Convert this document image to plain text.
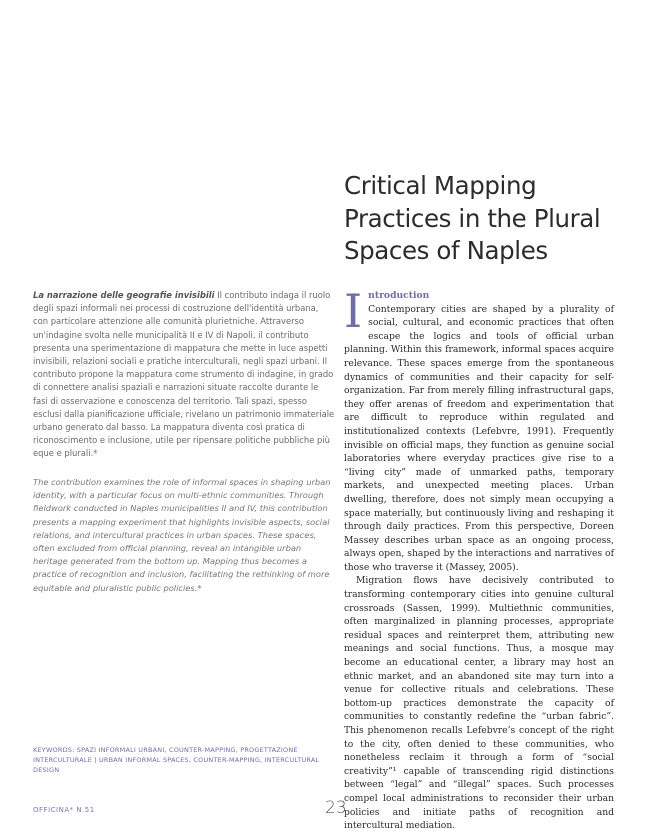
Critical Mapping
Practices in the Plural
Spaces of Naples
La narrazione delle geografie invisibili Il contributo indaga il ruolo degli spazi informali nei processi di costruzione dell'identità urbana, con particolare attenzione alle comunità plurietniche. Attraverso un'indagine svolta nelle municipalità II e IV di Napoli, il contributo presenta una sperimentazione di mappatura che mette in luce aspetti invisibili, relazioni sociali e pratiche interculturali, negli spazi urbani. Il contributo propone la mappatura come strumento di indagine, in grado di connettere analisi spaziali e narrazioni situate raccolte durante le fasi di osservazione e conoscenza del territorio. Tali spazi, spesso esclusi dalla pianificazione ufficiale, rivelano un patrimonio immateriale urbano generato dal basso. La mappatura diventa così pratica di riconoscimento e inclusione, utile per ripensare politiche pubbliche più eque e plurali.*
The contribution examines the role of informal spaces in shaping urban identity, with a particular focus on multi-ethnic communities. Through fieldwork conducted in Naples municipalities II and IV, this contribution presents a mapping experiment that highlights invisible aspects, social relations, and intercultural practices in urban spaces. These spaces, often excluded from official planning, reveal an intangible urban heritage generated from the bottom up. Mapping thus becomes a practice of recognition and inclusion, facilitating the rethinking of more equitable and pluralistic public policies.*
I ntroduction

Contemporary cities are shaped by a plurality of social, cultural, and economic practices that often escape the logics and tools of official urban planning. Within this framework, informal spaces acquire relevance. These spaces emerge from the spontaneous dynamics of communities and their capacity for self-organization. Far from merely filling infrastructural gaps, they offer arenas of freedom and experimentation that are difficult to reproduce within regulated and institutionalized contexts (Lefebvre, 1991). Frequently invisible on official maps, they function as genuine social laboratories where everyday practices give rise to a “living city” made of unmarked paths, temporary markets, and unexpected meeting places. Urban dwelling, therefore, does not simply mean occupying a space materially, but continuously living and reshaping it through daily practices. From this perspective, Doreen Massey describes urban space as an ongoing process, always open, shaped by the interactions and narratives of those who traverse it (Massey, 2005).

Migration flows have decisively contributed to transforming contemporary cities into genuine cultural crossroads (Sassen, 1999). Multiethnic communities, often marginalized in planning processes, appropriate residual spaces and reinterpret them, attributing new meanings and social functions. Thus, a mosque may become an educational center, a library may host an ethnic market, and an abandoned site may turn into a venue for collective rituals and celebrations. These bottom-up practices demonstrate the capacity of communities to constantly redefine the “urban fabric”. This phenomenon recalls Lefebvre’s concept of the right to the city, often denied to these communities, who nonetheless reclaim it through a form of “social creativity”¹ capable of transcending rigid distinctions between “legal” and “illegal” spaces. Such processes compel local administrations to reconsider their urban policies and initiate paths of recognition and intercultural mediation.

KEYWORDS: SPAZI INFORMALI URBANI, COUNTER-MAPPING, PROGETTAZIONE INTERCULTURALE | URBAN INFORMAL SPACES, COUNTER-MAPPING, INTERCULTURAL DESIGN
OFFICINA* N.51	23
